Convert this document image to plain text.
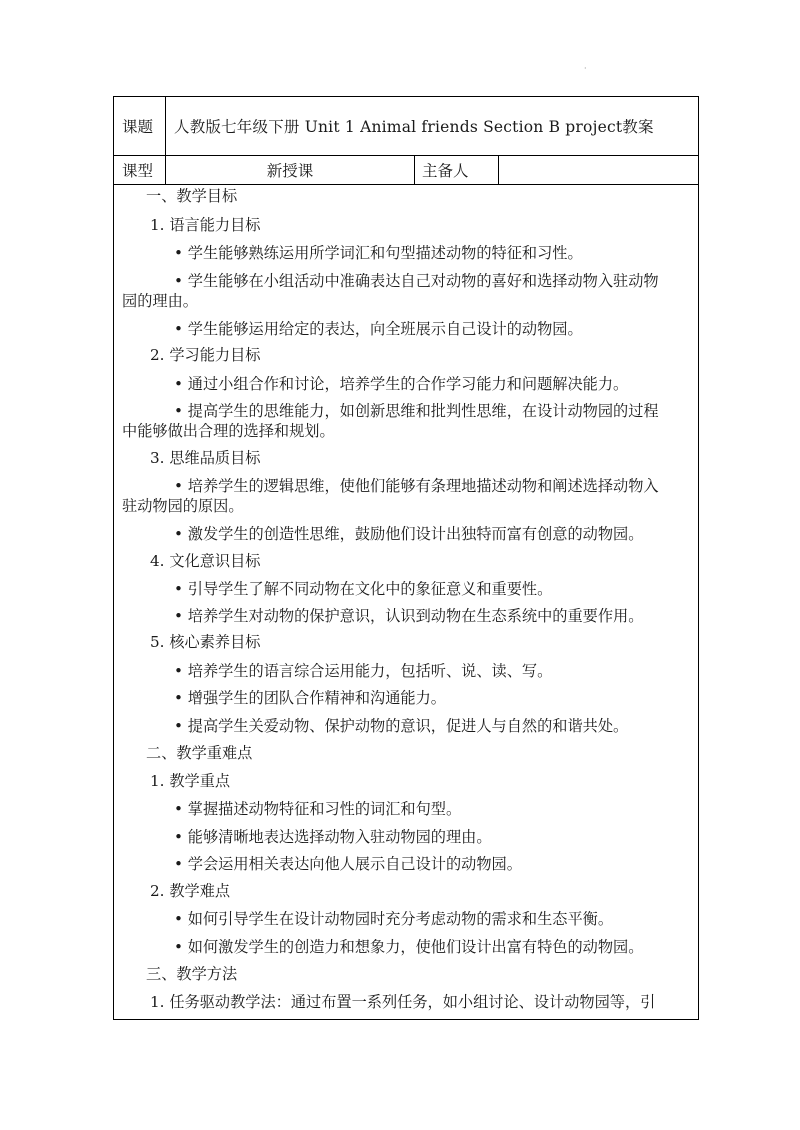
·
课题	人教版七年级下册 Unit 1 Animal friends Section B project教案
课型	新授课	主备人
一、教学目标
1. 语言能力目标
• 学生能够熟练运用所学词汇和句型描述动物的特征和习性。
• 学生能够在小组活动中准确表达自己对动物的喜好和选择动物入驻动物
园的理由。
• 学生能够运用给定的表达，向全班展示自己设计的动物园。
2. 学习能力目标
• 通过小组合作和讨论，培养学生的合作学习能力和问题解决能力。
• 提高学生的思维能力，如创新思维和批判性思维，在设计动物园的过程
中能够做出合理的选择和规划。
3. 思维品质目标
• 培养学生的逻辑思维，使他们能够有条理地描述动物和阐述选择动物入
驻动物园的原因。
• 激发学生的创造性思维，鼓励他们设计出独特而富有创意的动物园。
4. 文化意识目标
• 引导学生了解不同动物在文化中的象征意义和重要性。
• 培养学生对动物的保护意识，认识到动物在生态系统中的重要作用。
5. 核心素养目标
• 培养学生的语言综合运用能力，包括听、说、读、写。
• 增强学生的团队合作精神和沟通能力。
• 提高学生关爱动物、保护动物的意识，促进人与自然的和谐共处。
二、教学重难点
1. 教学重点
• 掌握描述动物特征和习性的词汇和句型。
• 能够清晰地表达选择动物入驻动物园的理由。
• 学会运用相关表达向他人展示自己设计的动物园。
2. 教学难点
• 如何引导学生在设计动物园时充分考虑动物的需求和生态平衡。
• 如何激发学生的创造力和想象力，使他们设计出富有特色的动物园。
三、教学方法
1. 任务驱动教学法：通过布置一系列任务，如小组讨论、设计动物园等，引
